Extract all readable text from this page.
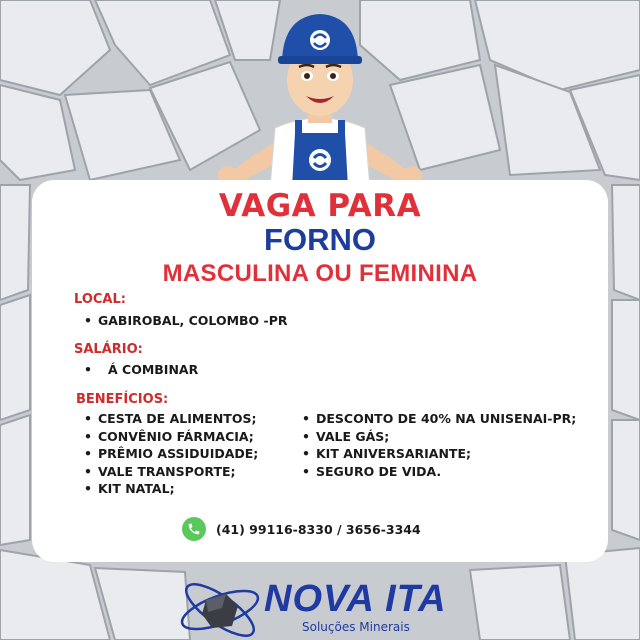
VAGA PARA

FORNO

MASCULINA OU FEMININA

LOCAL:

• GABIROBAL, COLOMBO -PR

SALÁRIO:

• Á COMBINAR

BENEFÍCIOS:

• CESTA DE ALIMENTOS;
• CONVÊNIO FÁRMACIA;
• PRÊMIO ASSIDUIDADE;
• VALE TRANSPORTE;
• KIT NATAL;
• DESCONTO DE 40% NA UNISENAI-PR;
• VALE GÁS;
• KIT ANIVERSARIANTE;
• SEGURO DE VIDA.
(41) 99116-8330 / 3656-3344

NOVA ITA

Soluções Minerais
